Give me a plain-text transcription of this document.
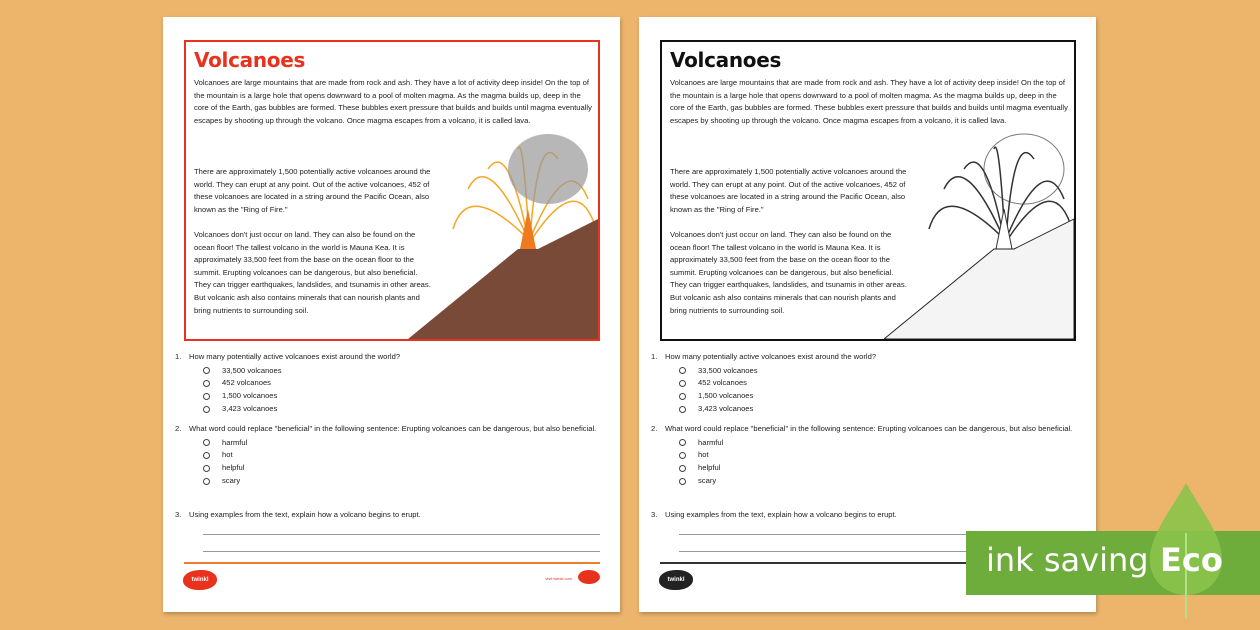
Volcanoes
Volcanoes are large mountains that are made from rock and ash. They have a lot of activity deep inside! On the top of the mountain is a large hole that opens downward to a pool of molten magma. As the magma builds up, deep in the core of the Earth, gas bubbles are formed. These bubbles exert pressure that builds and builds until magma eventually escapes by shooting up through the volcano. Once magma escapes from a volcano, it is called lava.
There are approximately 1,500 potentially active volcanoes around the world. They can erupt at any point. Out of the active volcanoes, 452 of these volcanoes are located in a string around the Pacific Ocean, also known as the "Ring of Fire."
Volcanoes don't just occur on land. They can also be found on the ocean floor! The tallest volcano in the world is Mauna Kea. It is approximately 33,500 feet from the base on the ocean floor to the summit. Erupting volcanoes can be dangerous, but also beneficial. They can trigger earthquakes, landslides, and tsunamis in other areas. But volcanic ash also contains minerals that can nourish plants and bring nutrients to surrounding soil.
1. How many potentially active volcanoes exist around the world?
33,500 volcanoes
452 volcanoes
1,500 volcanoes
3,423 volcanoes
2. What word could replace "beneficial" in the following sentence: Erupting volcanoes can be dangerous, but also beneficial.
harmful
hot
helpful
scary
3. Using examples from the text, explain how a volcano begins to erupt.
twinkl	visit twinkl.com
Volcanoes
Volcanoes are large mountains that are made from rock and ash. They have a lot of activity deep inside! On the top of the mountain is a large hole that opens downward to a pool of molten magma. As the magma builds up, deep in the core of the Earth, gas bubbles are formed. These bubbles exert pressure that builds and builds until magma eventually escapes by shooting up through the volcano. Once magma escapes from a volcano, it is called lava.
There are approximately 1,500 potentially active volcanoes around the world. They can erupt at any point. Out of the active volcanoes, 452 of these volcanoes are located in a string around the Pacific Ocean, also known as the "Ring of Fire."
Volcanoes don't just occur on land. They can also be found on the ocean floor! The tallest volcano in the world is Mauna Kea. It is approximately 33,500 feet from the base on the ocean floor to the summit. Erupting volcanoes can be dangerous, but also beneficial. They can trigger earthquakes, landslides, and tsunamis in other areas. But volcanic ash also contains minerals that can nourish plants and bring nutrients to surrounding soil.
1. How many potentially active volcanoes exist around the world?
33,500 volcanoes
452 volcanoes
1,500 volcanoes
3,423 volcanoes
2. What word could replace "beneficial" in the following sentence: Erupting volcanoes can be dangerous, but also beneficial.
harmful
hot
helpful
scary
3. Using examples from the text, explain how a volcano begins to erupt.
twinkl
ink saving Eco
